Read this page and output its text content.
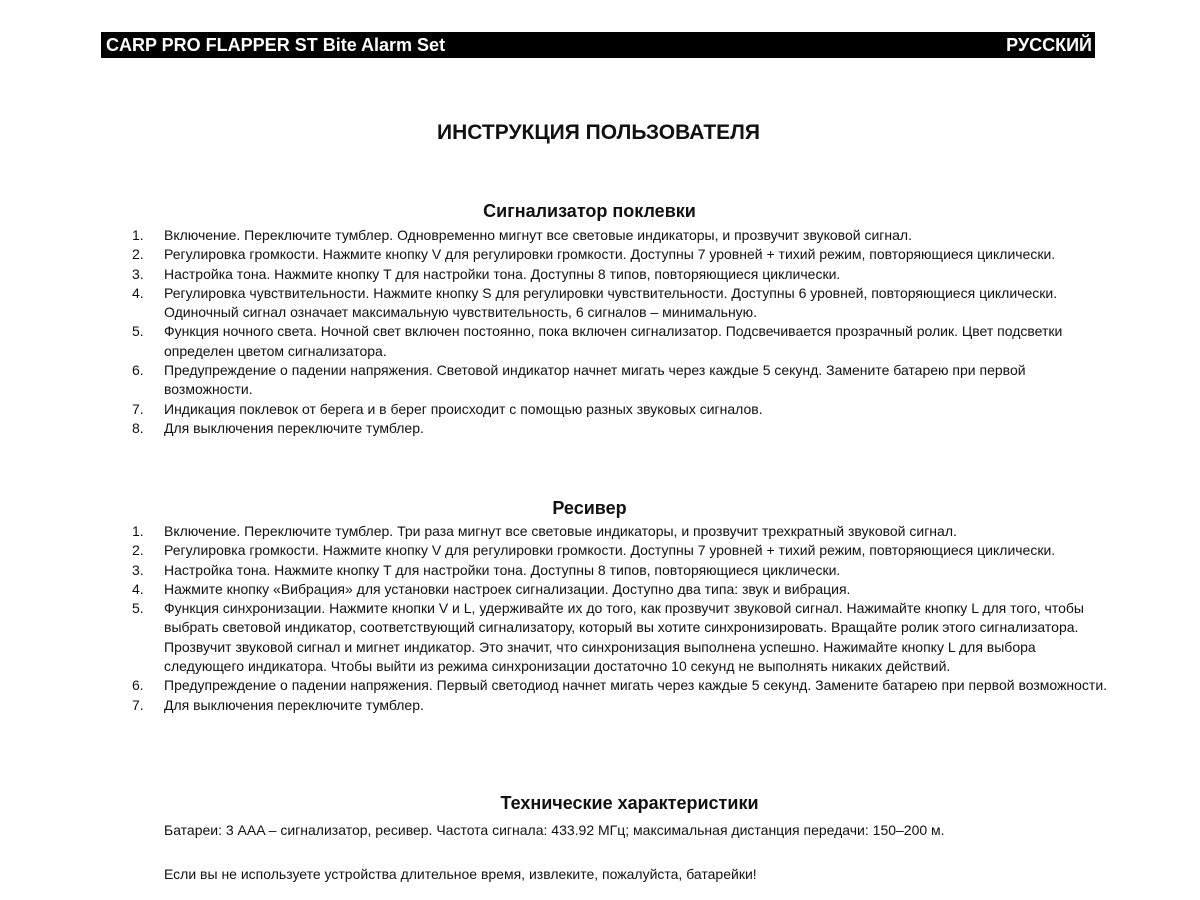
CARP PRO FLAPPER ST Bite Alarm Set	РУССКИЙ
ИНСТРУКЦИЯ ПОЛЬЗОВАТЕЛЯ
Сигнализатор поклевки
1. Включение. Переключите тумблер. Одновременно мигнут все световые индикаторы, и прозвучит звуковой сигнал.
2. Регулировка громкости. Нажмите кнопку V для регулировки громкости. Доступны 7 уровней + тихий режим, повторяющиеся циклически.
3. Настройка тона. Нажмите кнопку T для настройки тона. Доступны 8 типов, повторяющиеся циклически.
4. Регулировка чувствительности. Нажмите кнопку S для регулировки чувствительности. Доступны 6 уровней, повторяющиеся циклически. Одиночный сигнал означает максимальную чувствительность, 6 сигналов – минимальную.
5. Функция ночного света. Ночной свет включен постоянно, пока включен сигнализатор. Подсвечивается прозрачный ролик. Цвет подсветки определен цветом сигнализатора.
6. Предупреждение о падении напряжения. Световой индикатор начнет мигать через каждые 5 секунд. Замените батарею при первой возможности.
7. Индикация поклевок от берега и в берег происходит с помощью разных звуковых сигналов.
8. Для выключения переключите тумблер.
Ресивер
1. Включение. Переключите тумблер. Три раза мигнут все световые индикаторы, и прозвучит трехкратный звуковой сигнал.
2. Регулировка громкости. Нажмите кнопку V для регулировки громкости. Доступны 7 уровней + тихий режим, повторяющиеся циклически.
3. Настройка тона. Нажмите кнопку T для настройки тона. Доступны 8 типов, повторяющиеся циклически.
4. Нажмите кнопку «Вибрация» для установки настроек сигнализации. Доступно два типа: звук и вибрация.
5. Функция синхронизации. Нажмите кнопки V и L, удерживайте их до того, как прозвучит звуковой сигнал. Нажимайте кнопку L для того, чтобы выбрать световой индикатор, соответствующий сигнализатору, который вы хотите синхронизировать. Вращайте ролик этого сигнализатора. Прозвучит звуковой сигнал и мигнет индикатор. Это значит, что синхронизация выполнена успешно. Нажимайте кнопку L для выбора следующего индикатора. Чтобы выйти из режима синхронизации достаточно 10 секунд не выполнять никаких действий.
6. Предупреждение о падении напряжения. Первый светодиод начнет мигать через каждые 5 секунд. Замените батарею при первой возможности.
7. Для выключения переключите тумблер.
Технические характеристики

Батареи: 3 AAA – сигнализатор, ресивер. Частота сигнала: 433.92 МГц; максимальная дистанция передачи: 150–200 м.

Если вы не используете устройства длительное время, извлеките, пожалуйста, батарейки!
